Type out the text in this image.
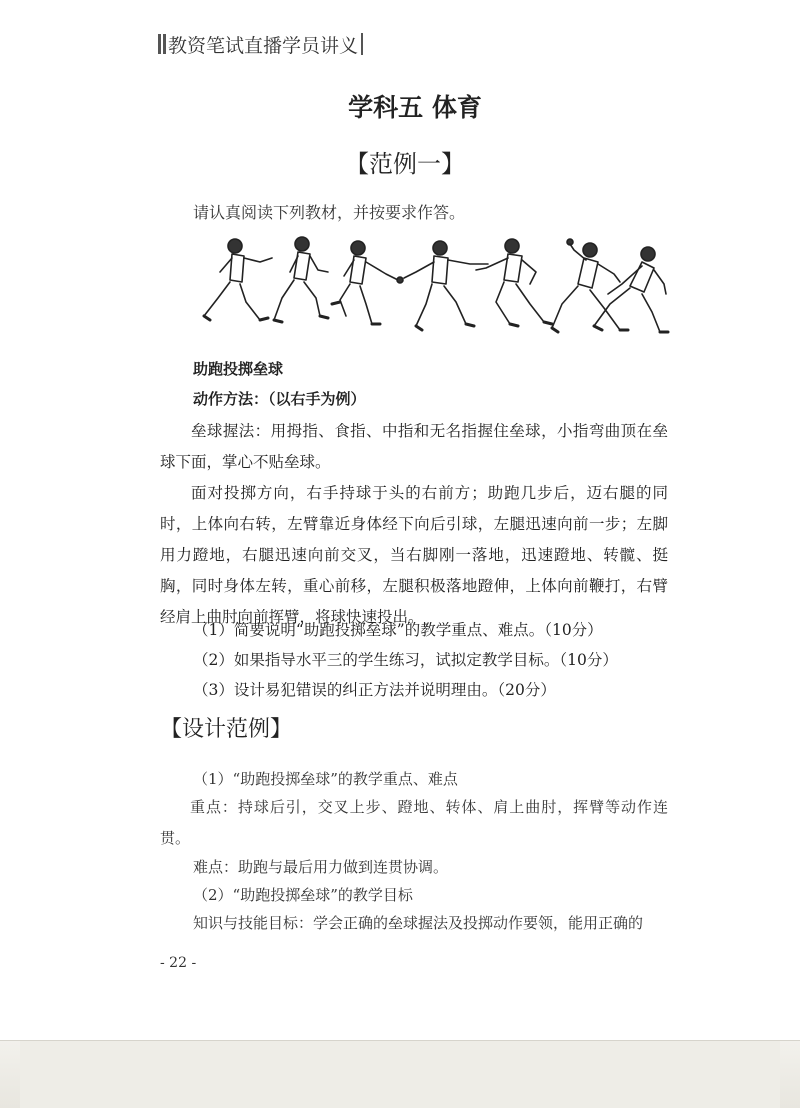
教资笔试直播学员讲义
学科五 体育
【范例一】
请认真阅读下列教材，并按要求作答。
助跑投掷垒球
动作方法：（以右手为例）
垒球握法：用拇指、食指、中指和无名指握住垒球，小指弯曲顶在垒球下面，掌心不贴垒球。
面对投掷方向，右手持球于头的右前方；助跑几步后，迈右腿的同时，上体向右转，左臂靠近身体经下向后引球，左腿迅速向前一步；左脚用力蹬地，右腿迅速向前交叉，当右脚刚一落地，迅速蹬地、转髋、挺胸，同时身体左转，重心前移，左腿积极落地蹬伸，上体向前鞭打，右臂经肩上曲肘向前挥臂，将球快速投出。
（1）简要说明“助跑投掷垒球”的教学重点、难点。（10分）
（2）如果指导水平三的学生练习，试拟定教学目标。（10分）
（3）设计易犯错误的纠正方法并说明理由。（20分）
【设计范例】
（1）“助跑投掷垒球”的教学重点、难点
重点：持球后引，交叉上步、蹬地、转体、肩上曲肘，挥臂等动作连贯。
难点：助跑与最后用力做到连贯协调。
（2）“助跑投掷垒球”的教学目标
知识与技能目标：学会正确的垒球握法及投掷动作要领，能用正确的
- 22 -
